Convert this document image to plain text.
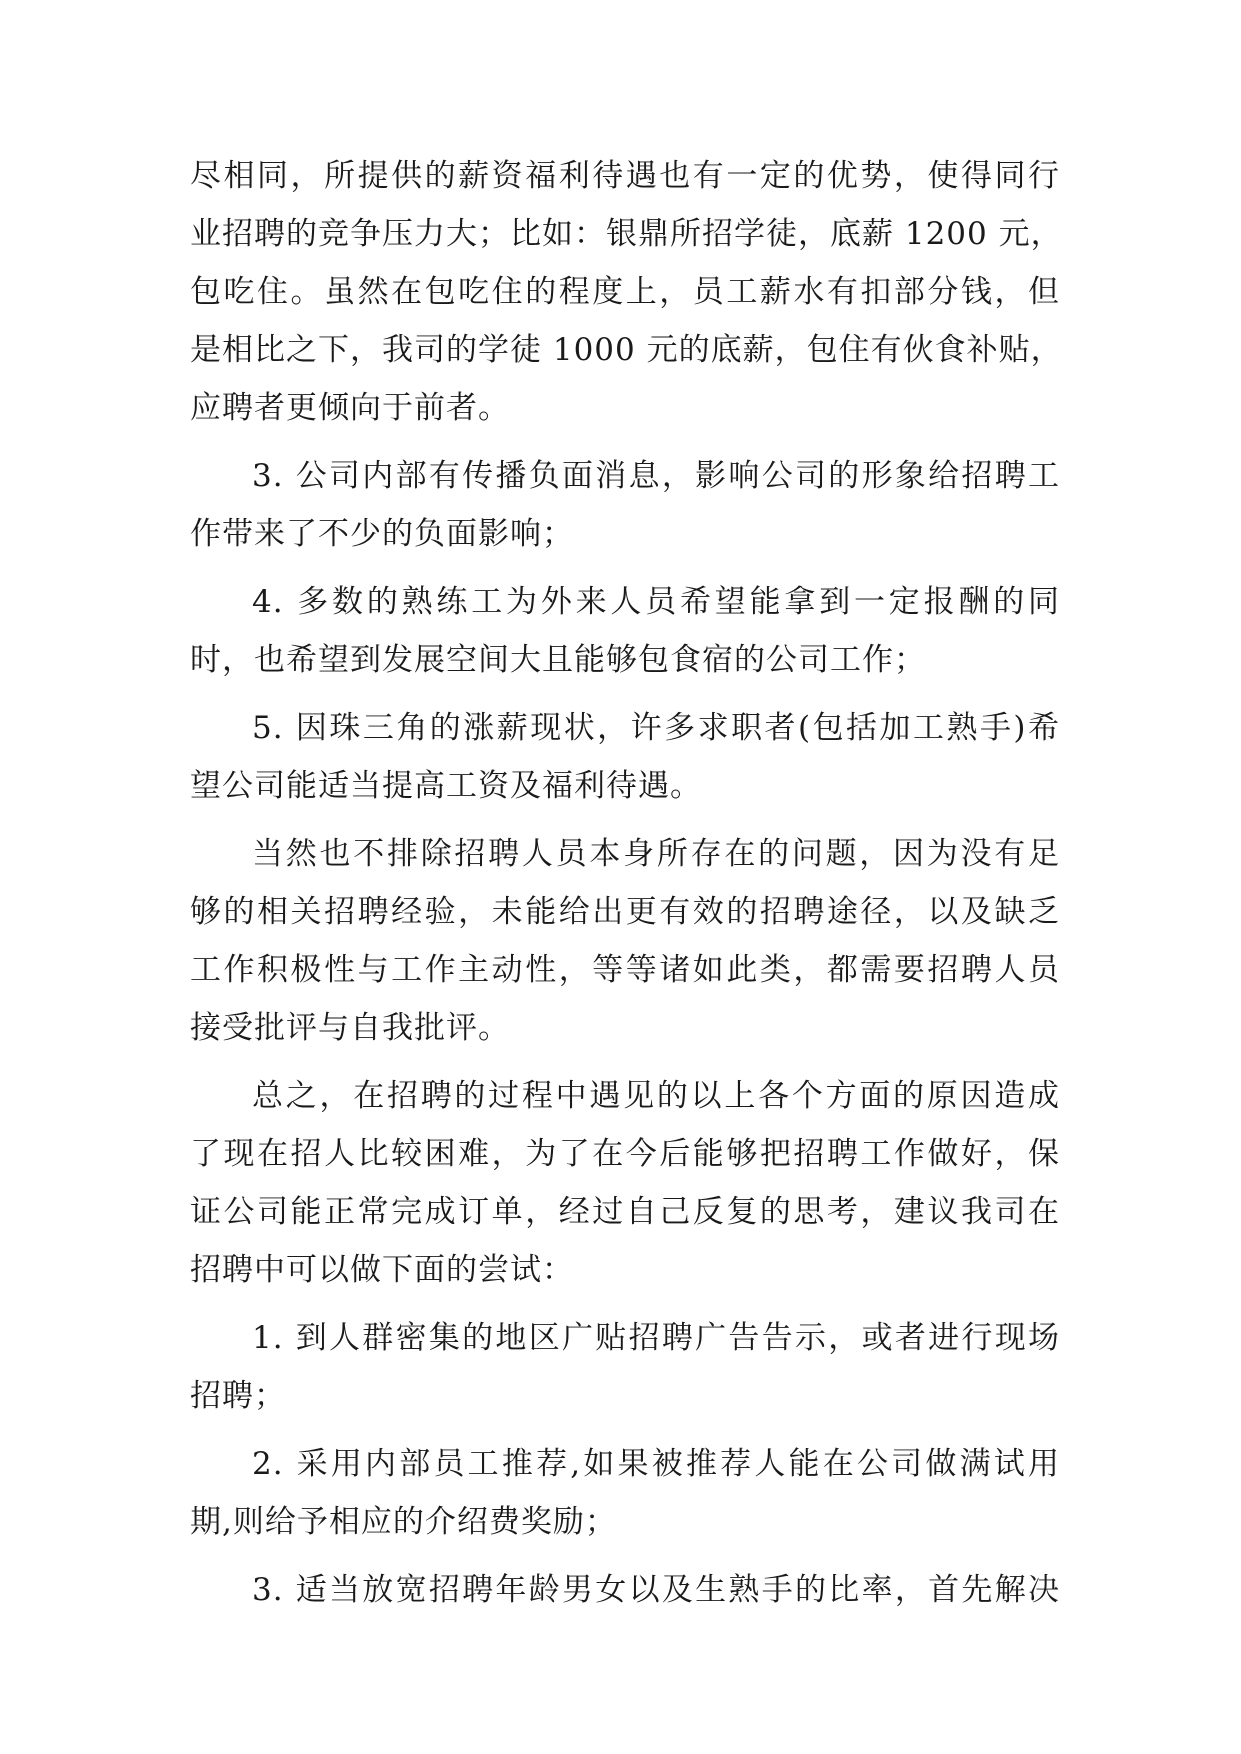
尽相同，所提供的薪资福利待遇也有一定的优势，使得同行
业招聘的竞争压力大；比如：银鼎所招学徒，底薪 1200 元，
包吃住。虽然在包吃住的程度上，员工薪水有扣部分钱，但
是相比之下，我司的学徒 1000 元的底薪，包住有伙食补贴，
应聘者更倾向于前者。
3. 公司内部有传播负面消息，影响公司的形象给招聘工
作带来了不少的负面影响；
4. 多数的熟练工为外来人员希望能拿到一定报酬的同
时，也希望到发展空间大且能够包食宿的公司工作；
5. 因珠三角的涨薪现状，许多求职者(包括加工熟手)希
望公司能适当提高工资及福利待遇。
当然也不排除招聘人员本身所存在的问题，因为没有足
够的相关招聘经验，未能给出更有效的招聘途径，以及缺乏
工作积极性与工作主动性，等等诸如此类，都需要招聘人员
接受批评与自我批评。
总之，在招聘的过程中遇见的以上各个方面的原因造成
了现在招人比较困难，为了在今后能够把招聘工作做好，保
证公司能正常完成订单，经过自己反复的思考，建议我司在
招聘中可以做下面的尝试：
1. 到人群密集的地区广贴招聘广告告示，或者进行现场
招聘；
2. 采用内部员工推荐,如果被推荐人能在公司做满试用
期,则给予相应的介绍费奖励；
3. 适当放宽招聘年龄男女以及生熟手的比率，首先解决
